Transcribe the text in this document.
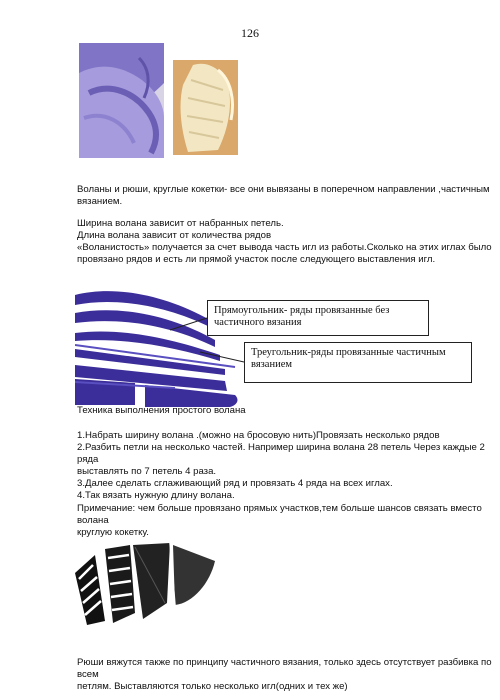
126
Воланы и рюши, круглые кокетки- все они вывязаны в поперечном направлении ,частичным
вязанием.
Ширина волана зависит от набранных петель.
Длина волана зависит от количества рядов
«Воланистость» получается за счет вывода часть игл из работы.Сколько на этих иглах было
провязано рядов и есть ли прямой участок после следующего выставления игл.
Прямоугольник- ряды провязанные без
частичного вязания
Треугольник-ряды провязанные частичным
вязанием
Техника выполнения простого волана
1.Набрать ширину волана .(можно на бросовую нить)Провязать несколько рядов
2.Разбить петли на несколько частей. Например ширина волана 28 петель Через каждые 2 ряда
выставлять по 7 петель 4 раза.
3.Далее сделать сглаживающий ряд и провязать 4 ряда на всех иглах.
4.Так вязать нужную длину волана.
Примечание: чем больше провязано прямых участков,тем больше шансов связать вместо волана
круглую кокетку.
Рюши вяжутся также по принципу частичного вязания, только здесь отсутствует разбивка по всем
петлям. Выставляются только несколько игл(одних и тех же)
